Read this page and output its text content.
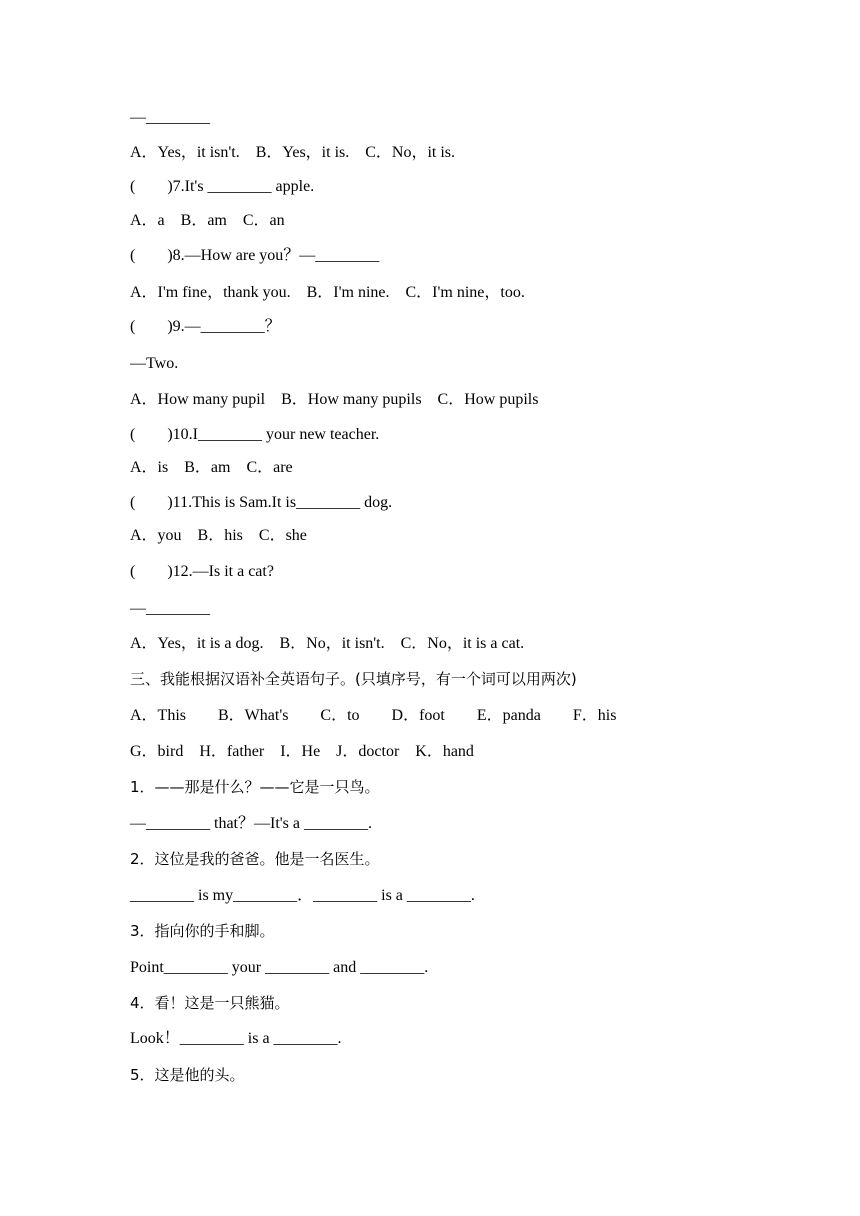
—________
A．Yes，it isn't.    B．Yes，it is.    C．No，it is.
(        )7.It's ________ apple.
A．a    B．am    C．an
(        )8.—How are you？—________
A．I'm fine，thank you.    B．I'm nine.    C．I'm nine，too.
(        )9.—________？
—Two.
A．How many pupil    B．How many pupils    C．How pupils
(        )10.I________ your new teacher.
A．is    B．am    C．are
(        )11.This is Sam.It is________ dog.
A．you    B．his    C．she
(        )12.—Is it a cat?
—________
A．Yes，it is a dog.    B．No，it isn't.    C．No，it is a cat.
三、我能根据汉语补全英语句子。(只填序号，有一个词可以用两次)
A．This        B．What's        C．to        D．foot        E．panda        F．his
G．bird    H．father    I．He    J．doctor    K．hand
1．——那是什么？——它是一只鸟。
—________ that？—It's a ________.
2．这位是我的爸爸。他是一名医生。
________ is my________．________ is a ________.
3．指向你的手和脚。
Point________ your ________ and ________.
4．看！这是一只熊猫。
Look！________ is a ________.
5．这是他的头。
